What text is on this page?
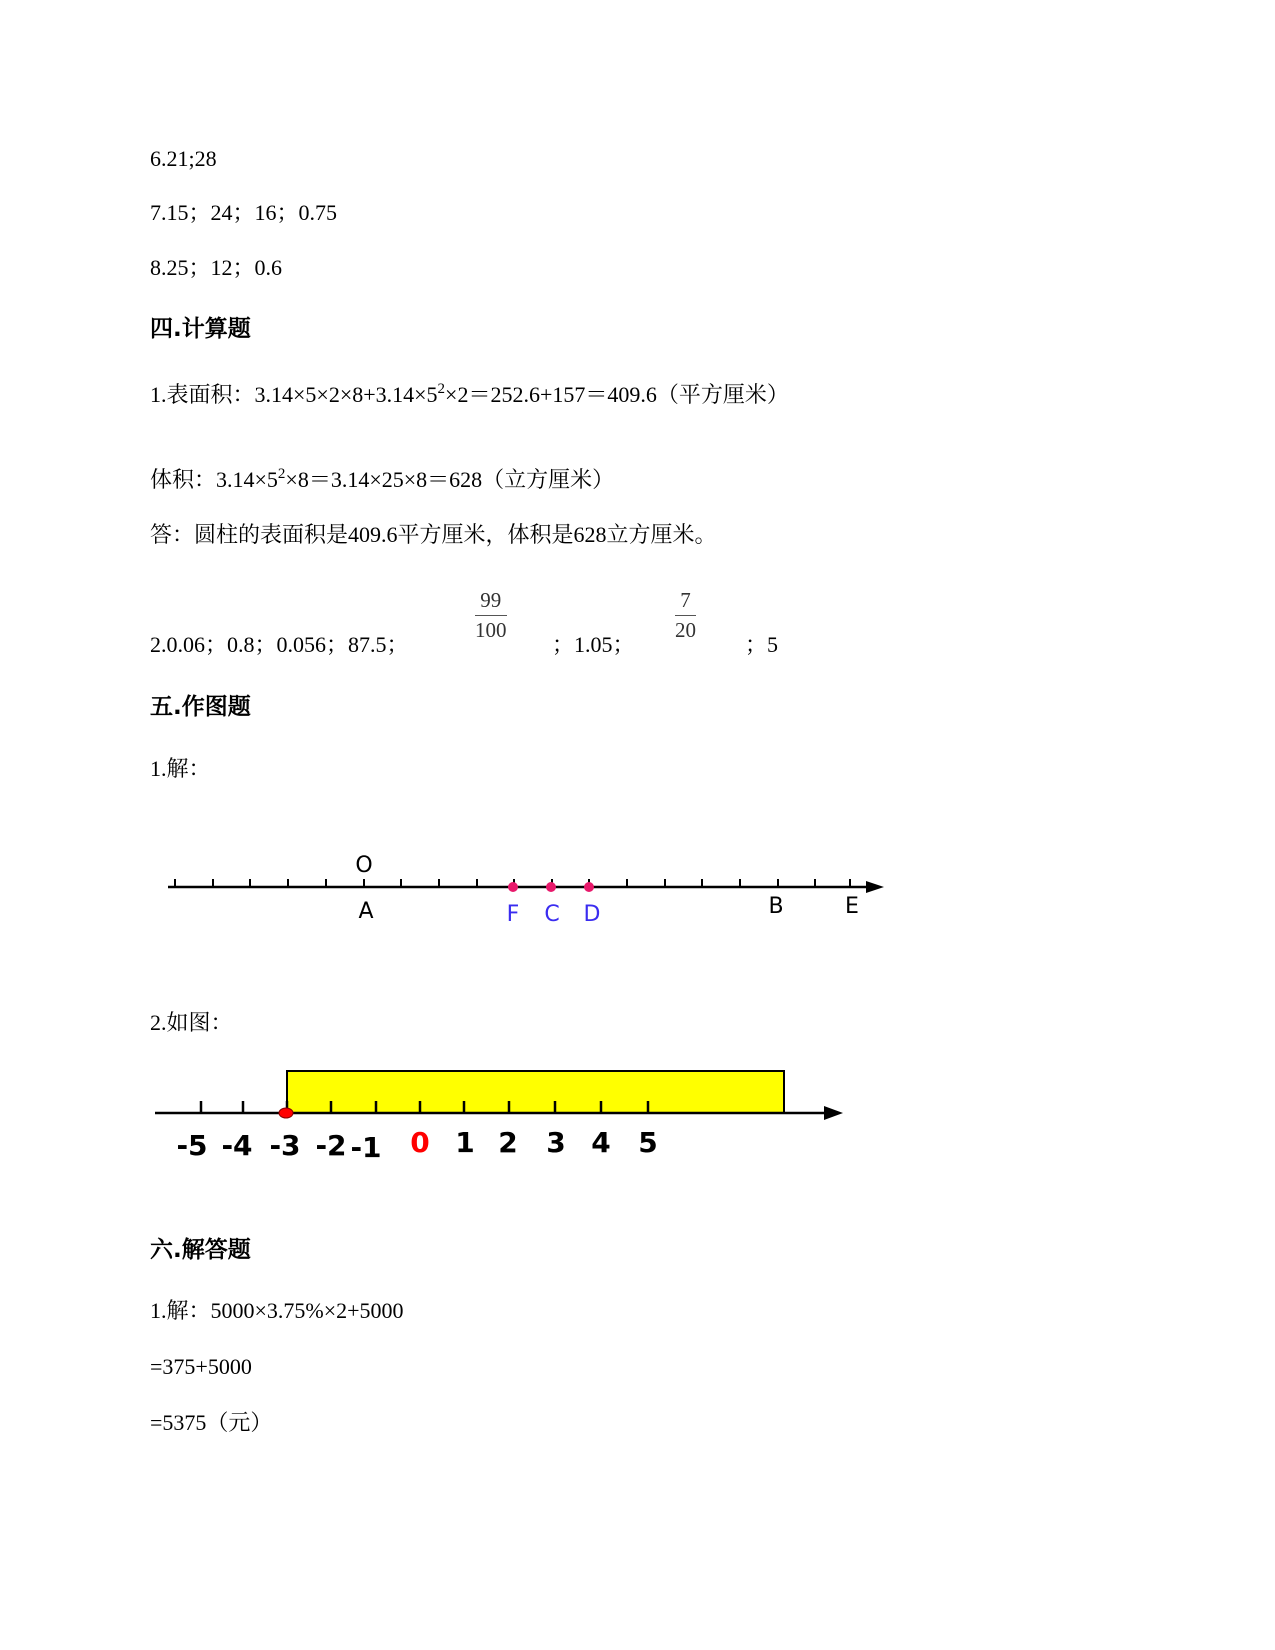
6.21;28
7.15；24；16；0.75
8.25；12；0.6
四.计算题
1.表面积：$3.14\times 5\times 2\times 8+3.14\times 5^2\times 2=252.6+157=409.6$（平方厘米）
体积：$3.14\times 5^2\times 8=3.14\times 25\times 8=628$（立方厘米）
答：圆柱的表面积是409.6平方厘米，体积是628立方厘米。
2.0.06；0.8；0.056；87.5；
$\frac{99}{100}$
；1.05；
$\frac{7}{20}$
；5
五.作图题
1.解：
O
A	F C D	B	E
2.如图：
-5 -4 -3 -2 -1 0 1 2 3 4 5
六.解答题
1.解：5000×3.75%×2+5000
=375+5000
=5375（元）
